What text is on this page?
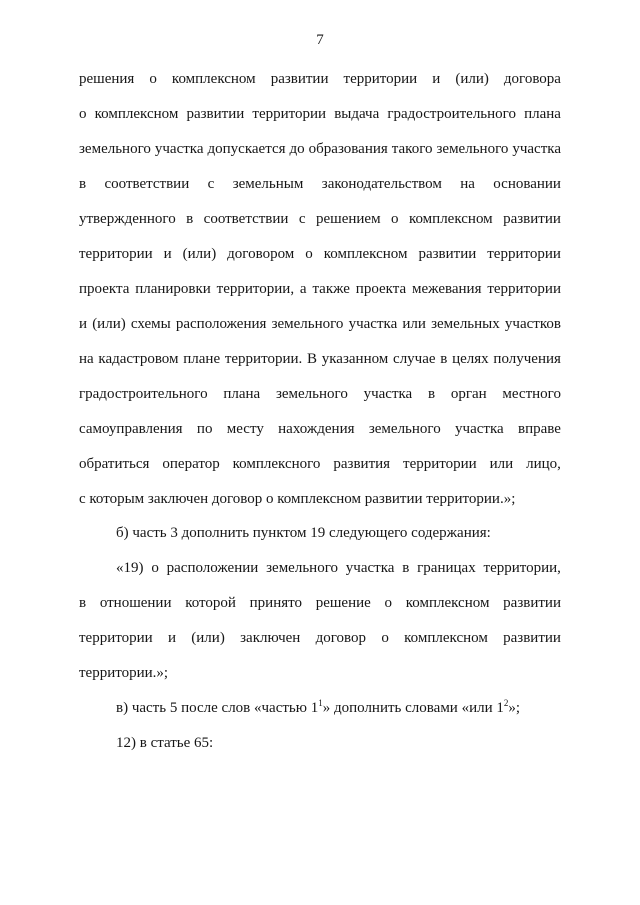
7
решения о комплексном развитии территории и (или) договора
о комплексном развитии территории выдача градостроительного плана
земельного участка допускается до образования такого земельного участка
в соответствии с земельным законодательством на основании
утвержденного в соответствии с решением о комплексном развитии
территории и (или) договором о комплексном развитии территории
проекта планировки территории, а также проекта межевания территории
и (или) схемы расположения земельного участка или земельных участков
на кадастровом плане территории. В указанном случае в целях получения
градостроительного плана земельного участка в орган местного
самоуправления по месту нахождения земельного участка вправе
обратиться оператор комплексного развития территории или лицо,
с которым заключен договор о комплексном развитии территории.»;
б) часть 3 дополнить пунктом 19 следующего содержания:
«19) о расположении земельного участка в границах территории,
в отношении которой принято решение о комплексном развитии
территории и (или) заключен договор о комплексном развитии
территории.»;
в) часть 5 после слов «частью $1^1$» дополнить словами «или $1^2$»;
12) в статье 65:
